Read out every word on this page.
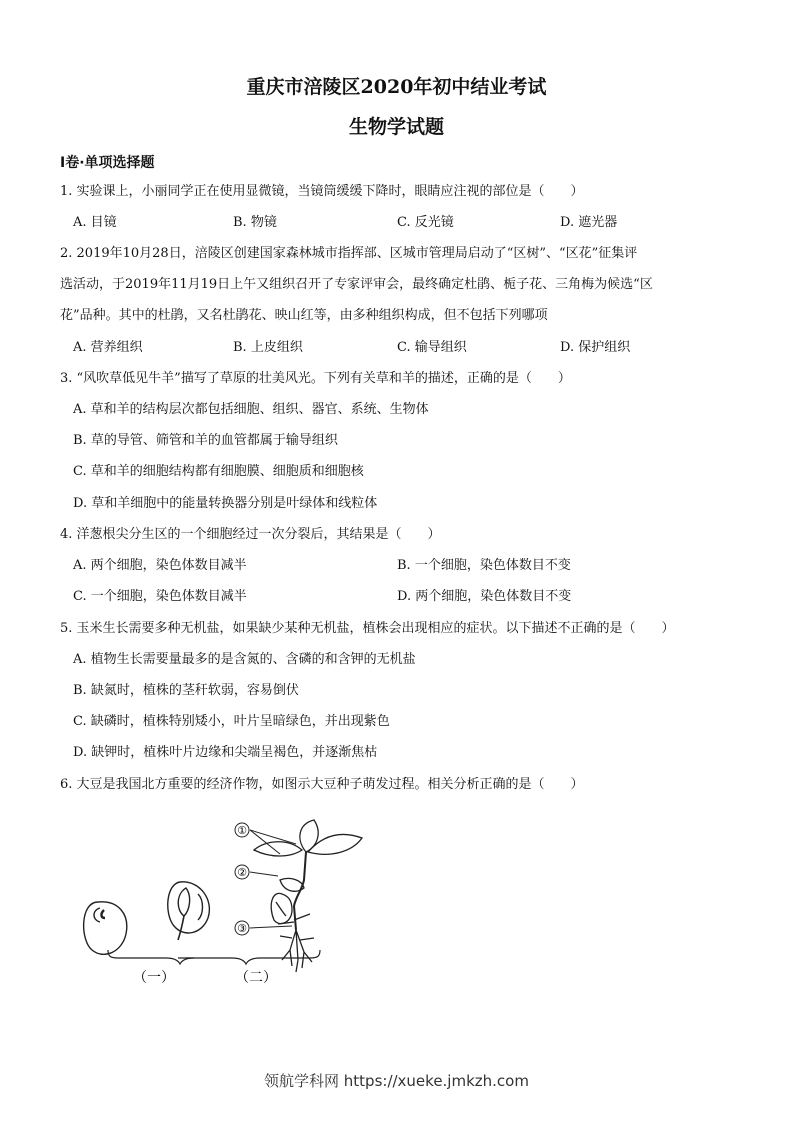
重庆市涪陵区2020年初中结业考试
生物学试题
Ⅰ卷·单项选择题
1. 实验课上，小丽同学正在使用显微镜，当镜筒缓缓下降时，眼睛应注视的部位是（　　）
A. 目镜	B. 物镜	C. 反光镜	D. 遮光器
2. 2019年10月28日，涪陵区创建国家森林城市指挥部、区城市管理局启动了“区树”、“区花”征集评
选活动，于2019年11月19日上午又组织召开了专家评审会，最终确定杜鹃、栀子花、三角梅为候选“区
花”品种。其中的杜鹃，又名杜鹃花、映山红等，由多种组织构成，但不包括下列哪项
A. 营养组织	B. 上皮组织	C. 输导组织	D. 保护组织
3. “风吹草低见牛羊”描写了草原的壮美风光。下列有关草和羊的描述，正确的是（　　）
A. 草和羊的结构层次都包括细胞、组织、器官、系统、生物体
B. 草的导管、筛管和羊的血管都属于输导组织
C. 草和羊的细胞结构都有细胞膜、细胞质和细胞核
D. 草和羊细胞中的能量转换器分别是叶绿体和线粒体
4. 洋葱根尖分生区的一个细胞经过一次分裂后，其结果是（　　）
A. 两个细胞，染色体数目减半	B. 一个细胞，染色体数目不变
C. 一个细胞，染色体数目减半	D. 两个细胞，染色体数目不变
5. 玉米生长需要多种无机盐，如果缺少某种无机盐，植株会出现相应的症状。以下描述不正确的是（　　）
A. 植物生长需要量最多的是含氮的、含磷的和含钾的无机盐
B. 缺氮时，植株的茎秆软弱，容易倒伏
C. 缺磷时，植株特别矮小，叶片呈暗绿色，并出现紫色
D. 缺钾时，植株叶片边缘和尖端呈褐色，并逐渐焦枯
6. 大豆是我国北方重要的经济作物，如图示大豆种子萌发过程。相关分析正确的是（　　）
①
②
③
（一）	（二）
领航学科网 https://xueke.jmkzh.com
